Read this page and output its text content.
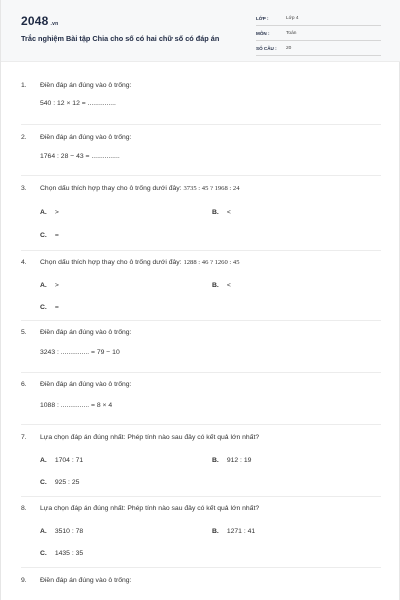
2048 .vn
Trắc nghiệm Bài tập Chia cho số có hai chữ số có đáp án
LỚP :	Lớp 4
MÔN :	Toán
SỐ CÂU : 20
1. Điền đáp án đúng vào ô trống:
540 : 12 × 12 = ...............
2. Điền đáp án đúng vào ô trống:
1764 : 28 − 43 = ...............
3. Chọn dấu thích hợp thay cho ô trống dưới đây: 3735 : 45 ? 1968 : 24
A. >	B. <
C. =
4. Chọn dấu thích hợp thay cho ô trống dưới đây: 1288 : 46 ? 1260 : 45
A. >	B. <
C. =
5. Điền đáp án đúng vào ô trống:
3243 : ............... = 79 − 10
6. Điền đáp án đúng vào ô trống:
1088 : ............... = 8 × 4
7. Lựa chọn đáp án đúng nhất: Phép tính nào sau đây có kết quả lớn nhất?
A. 1704 : 71	B. 912 : 19
C. 925 : 25
8. Lựa chọn đáp án đúng nhất: Phép tính nào sau đây có kết quả lớn nhất?
A. 3510 : 78	B. 1271 : 41
C. 1435 : 35
9. Điền đáp án đúng vào ô trống:
